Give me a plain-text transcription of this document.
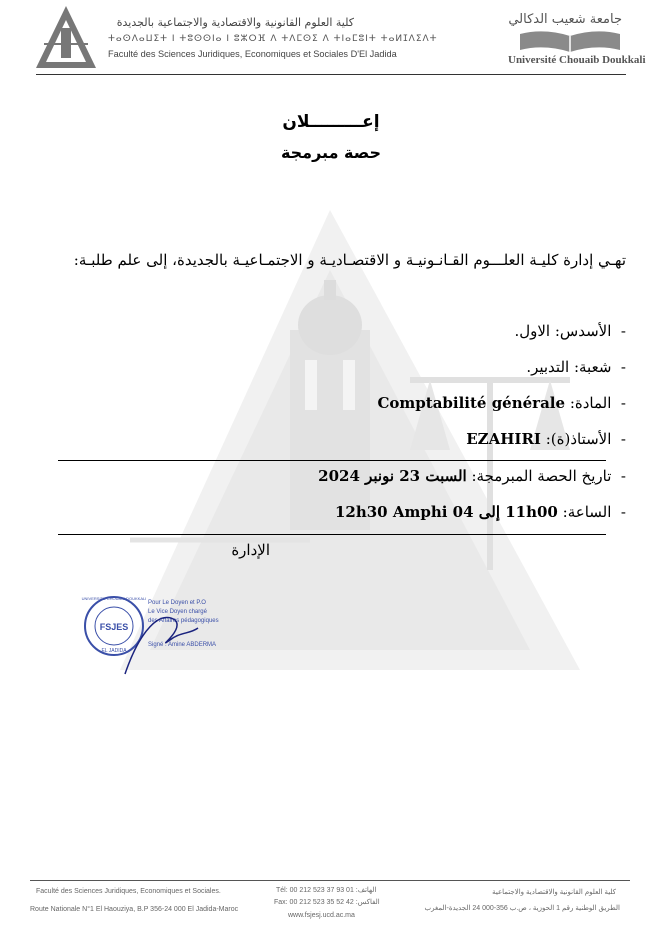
كلية العلوم القانونية والاقتصادية والاجتماعية بالجديدة
ⵜⴰⵙⴷⴰⵡⵉⵜ ⵏ ⵜⵓⵙⵙⵏⴰ ⵏ ⵓⵣⵔⴼ ⴷ ⵜⴷⵎⵙⵉ ⴷ ⵜⵏⴰⵎⵓⵏⵜ ⵜⴰⵍⵊⴷⵉⴷⵜ
Faculté des Sciences Juridiques, Economiques et Sociales D'El Jadida
جامعة شعيب الدكالي
Université Chouaib Doukkali
إعـــــــــلان
حصة مبرمجة
تهـي إدارة كليـة العلـــوم القـانـونيـة و الاقتصـاديـة و الاجتمـاعيـة بالجديدة، إلى علم طلبـة:
-  الأسدس: الاول.
-  شعبة: التدبير.
-  المادة: Comptabilité générale
-  الأستاذ(ة): EZAHIRI
-  تاريخ الحصة المبرمجة: السبت 23 نونبر 2024
-  الساعة: 11h00 إلى 12h30 Amphi 04
الإدارة
FSJES
UNIVERSITE CHOUAIB DOUKKALI
EL JADIDA
Pour Le Doyen et P.O
Le Vice Doyen chargé
des Affaires pédagogiques
Signé : Amine ABDERMA
Faculté des Sciences Juridiques, Economiques et Sociales.
Route Nationale N°1 El Haouziya, B.P 356-24 000 El Jadida-Maroc
Tél: 00 212 523 37 93 01 :الهاتف
Fax: 00 212 523 35 52 42 :الفاكس
www.fsjesj.ucd.ac.ma
كلية العلوم القانونية والاقتصادية والاجتماعية
الطريق الوطنية رقم 1 الحوزية ، ص.ب 356-000 24 الجديدة-المغرب
